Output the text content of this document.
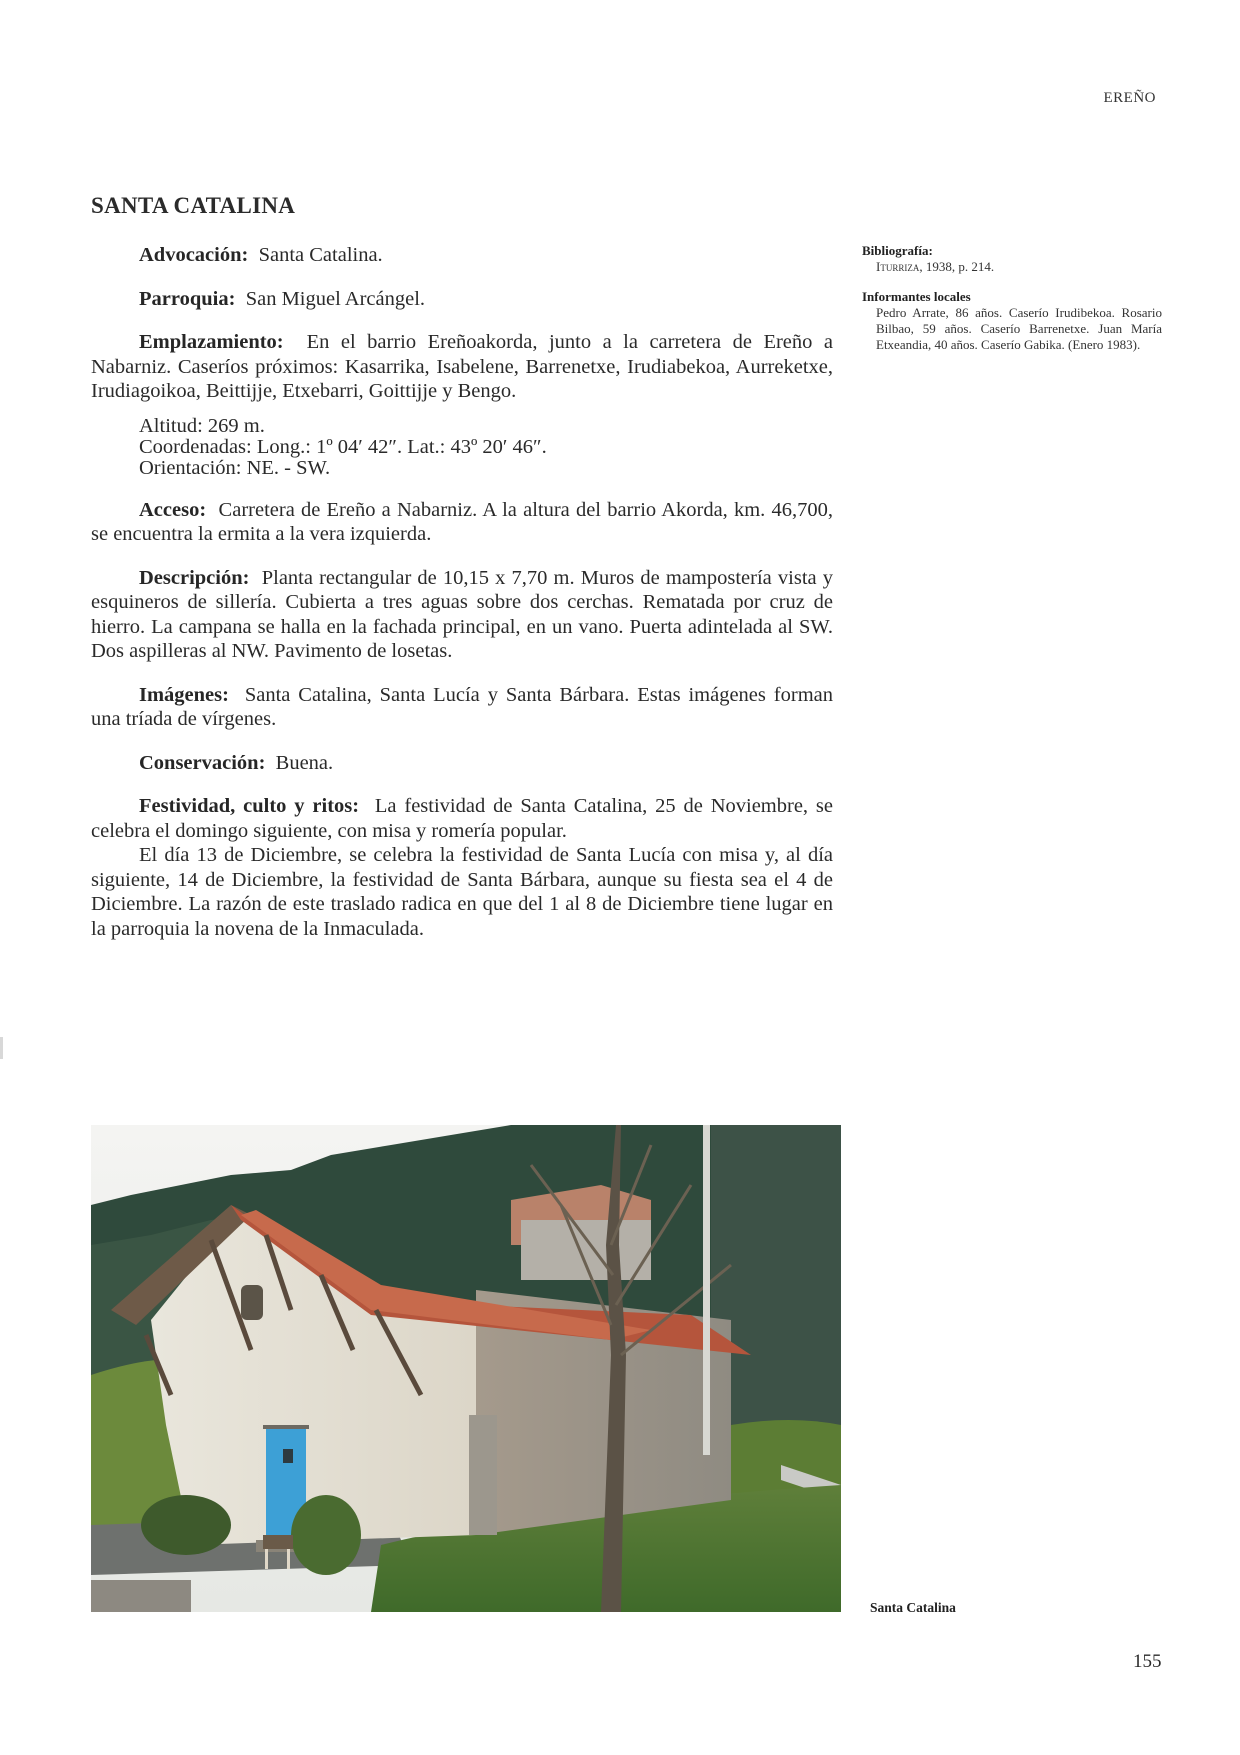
EREÑO
SANTA CATALINA

Advocación: Santa Catalina.

Parroquia: San Miguel Arcángel.

Emplazamiento: En el barrio Ereñoakorda, junto a la carretera de Ereño a Nabarniz. Caseríos próximos: Kasarrika, Isabelene, Barrenetxe, Irudiabekoa, Aurreketxe, Irudiagoikoa, Beittijje, Etxebarri, Goittijje y Bengo.

Altitud: 269 m.
Coordenadas: Long.: 1º 04′ 42″. Lat.: 43º 20′ 46″.
Orientación: NE. - SW.

Acceso: Carretera de Ereño a Nabarniz. A la altura del barrio Akorda, km. 46,700, se encuentra la ermita a la vera izquierda.

Descripción: Planta rectangular de 10,15 x 7,70 m. Muros de mampostería vista y esquineros de sillería. Cubierta a tres aguas sobre dos cerchas. Rematada por cruz de hierro. La campana se halla en la fachada principal, en un vano. Puerta adintelada al SW. Dos aspilleras al NW. Pavimento de losetas.

Imágenes: Santa Catalina, Santa Lucía y Santa Bárbara. Estas imágenes forman una tríada de vírgenes.

Conservación: Buena.

Festividad, culto y ritos: La festividad de Santa Catalina, 25 de Noviembre, se celebra el domingo siguiente, con misa y romería popular.

El día 13 de Diciembre, se celebra la festividad de Santa Lucía con misa y, al día siguiente, 14 de Diciembre, la festividad de Santa Bárbara, aunque su fiesta sea el 4 de Diciembre. La razón de este traslado radica en que del 1 al 8 de Diciembre tiene lugar en la parroquia la novena de la Inmaculada.

Bibliografía:
Iturriza, 1938, p. 214.
Informantes locales
Pedro Arrate, 86 años. Caserío Irudibekoa. Rosario Bilbao, 59 años. Caserío Barrenetxe. Juan María Etxeandia, 40 años. Caserío Gabika. (Enero 1983).
Santa Catalina
155
